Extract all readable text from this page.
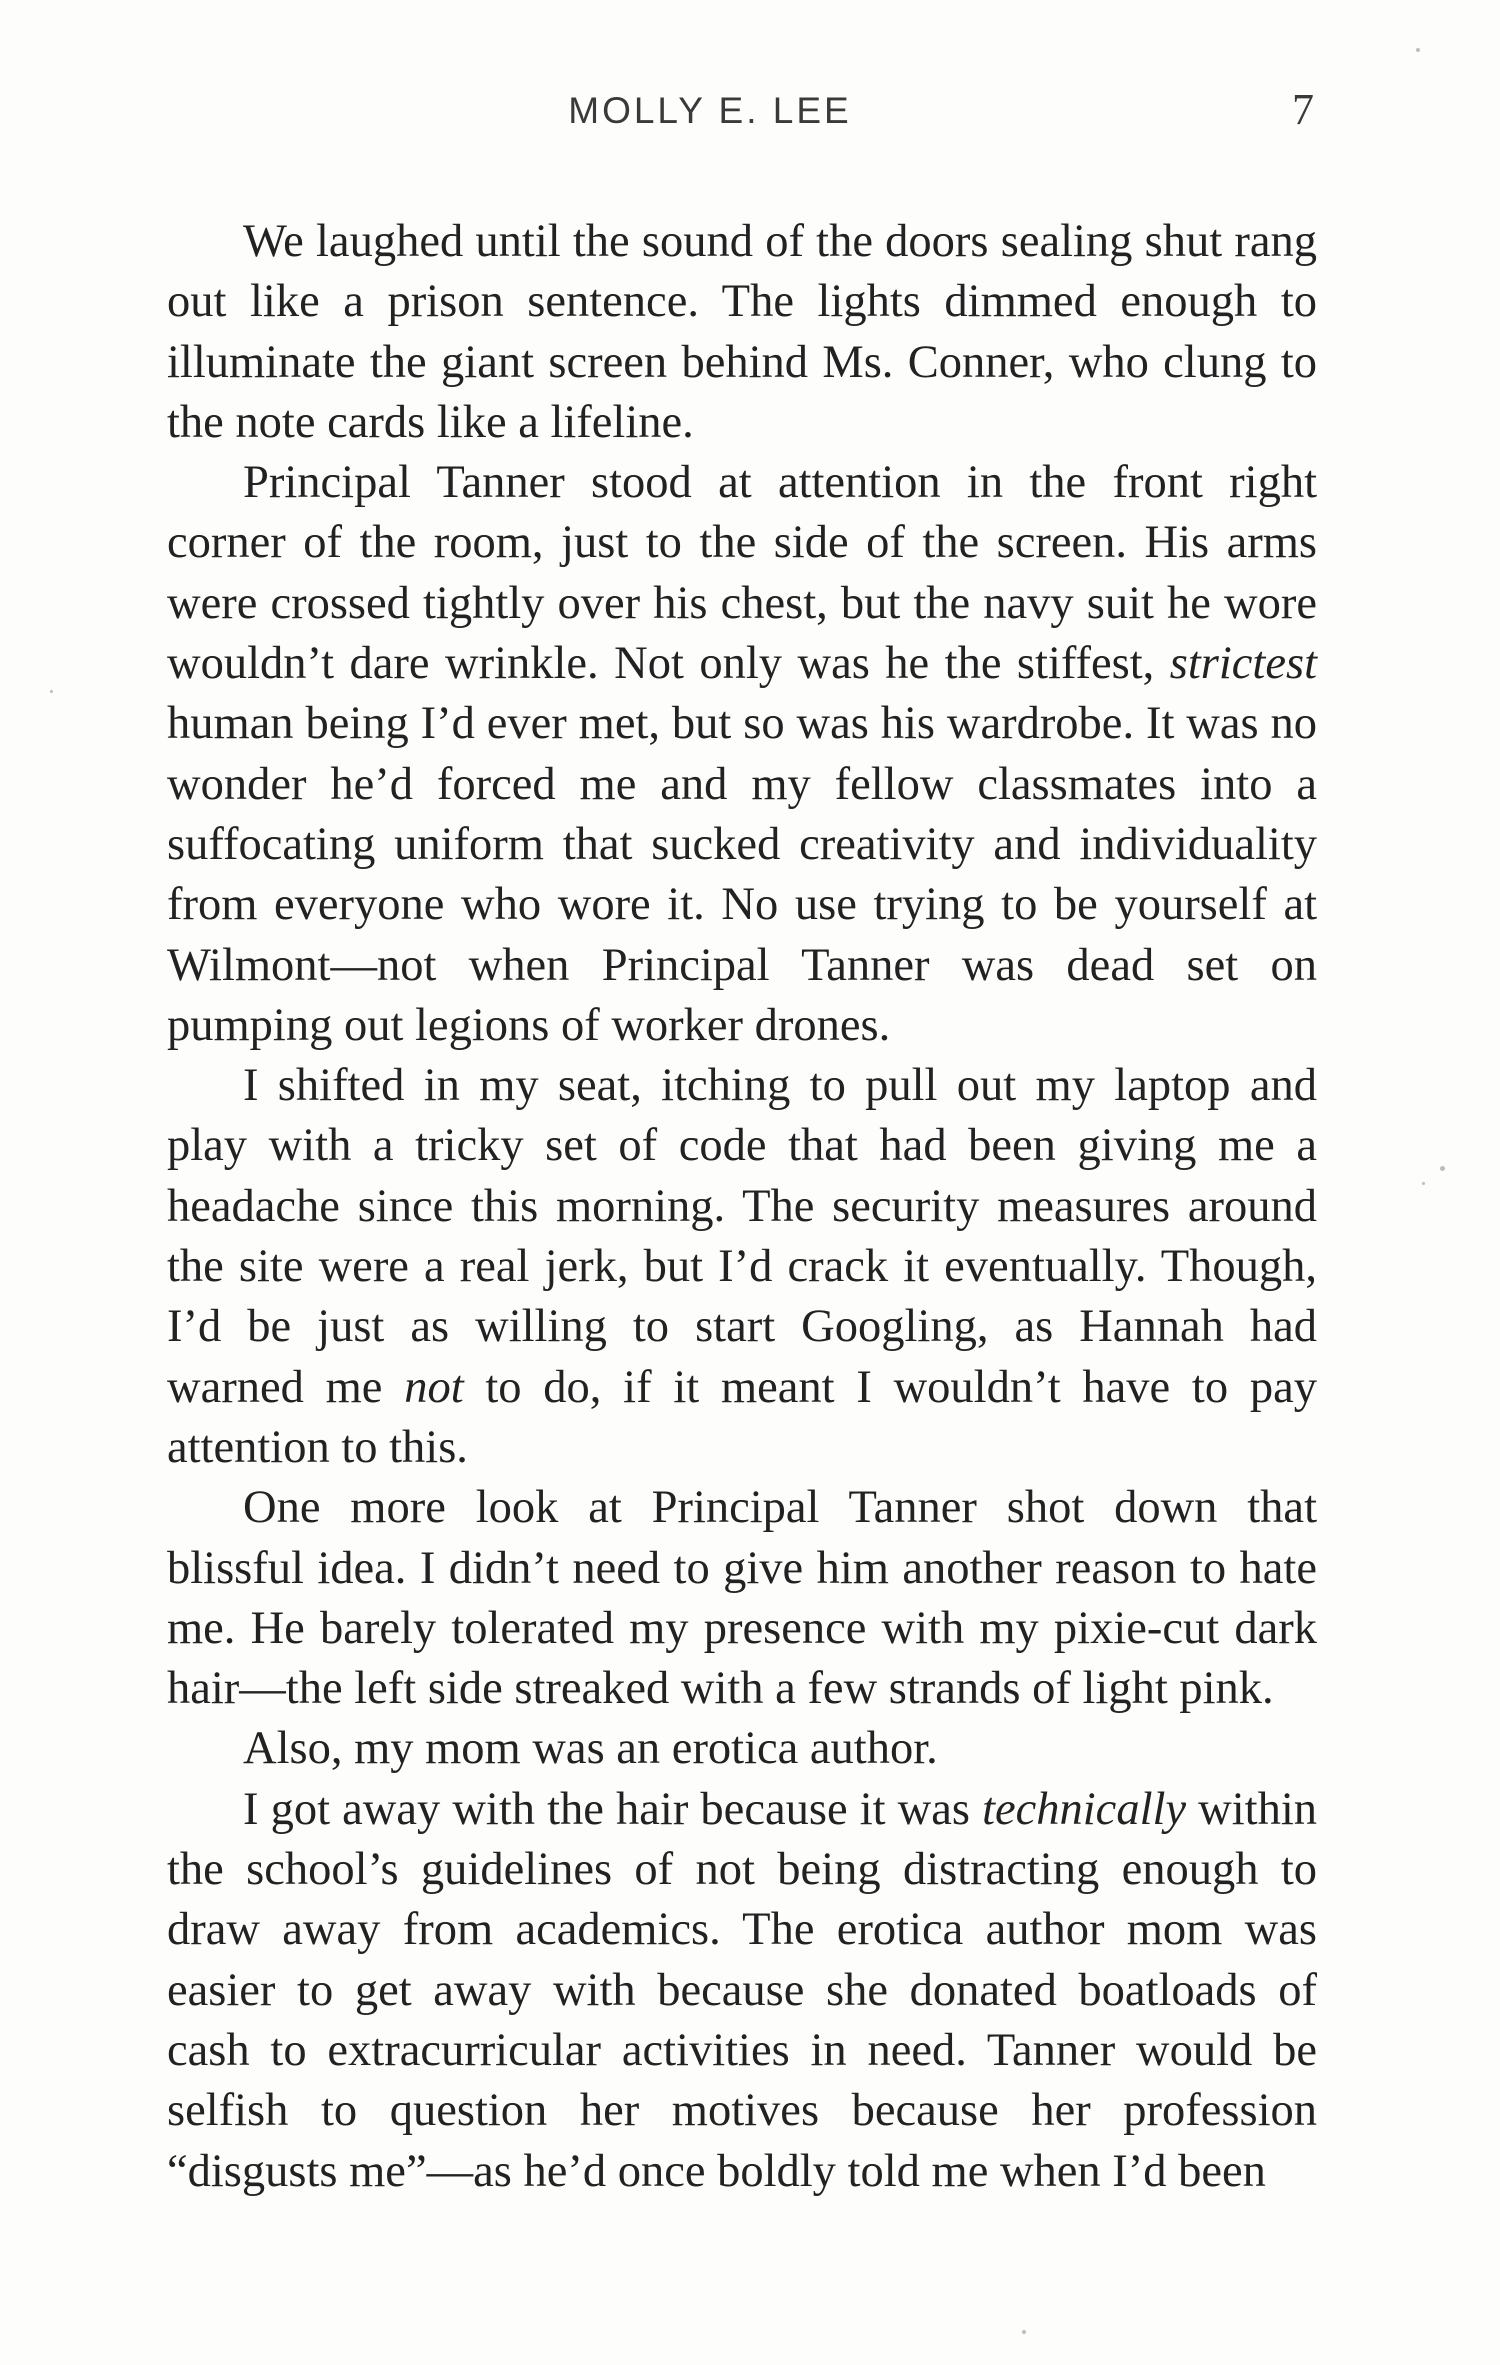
MOLLY E. LEE	7

We laughed until the sound of the doors sealing shut rang out like a prison sentence. The lights dimmed enough to illuminate the giant screen behind Ms. Conner, who clung to the note cards like a lifeline.

Principal Tanner stood at attention in the front right corner of the room, just to the side of the screen. His arms were crossed tightly over his chest, but the navy suit he wore wouldn’t dare wrinkle. Not only was he the stiffest, strictest human being I’d ever met, but so was his wardrobe. It was no wonder he’d forced me and my fellow classmates into a suffocating uniform that sucked creativity and individuality from everyone who wore it. No use trying to be yourself at Wilmont—not when Principal Tanner was dead set on pumping out legions of worker drones.

I shifted in my seat, itching to pull out my laptop and play with a tricky set of code that had been giving me a headache since this morning. The security measures around the site were a real jerk, but I’d crack it eventually. Though, I’d be just as willing to start Googling, as Hannah had warned me not to do, if it meant I wouldn’t have to pay attention to this.

One more look at Principal Tanner shot down that blissful idea. I didn’t need to give him another reason to hate me. He barely tolerated my presence with my pixie-cut dark hair—the left side streaked with a few strands of light pink.

Also, my mom was an erotica author.

I got away with the hair because it was technically within the school’s guidelines of not being distracting enough to draw away from academics. The erotica author mom was easier to get away with because she donated boatloads of cash to extracurricular activities in need. Tanner would be selfish to question her motives because her profession “disgusts me”—as he’d once boldly told me when I’d been
